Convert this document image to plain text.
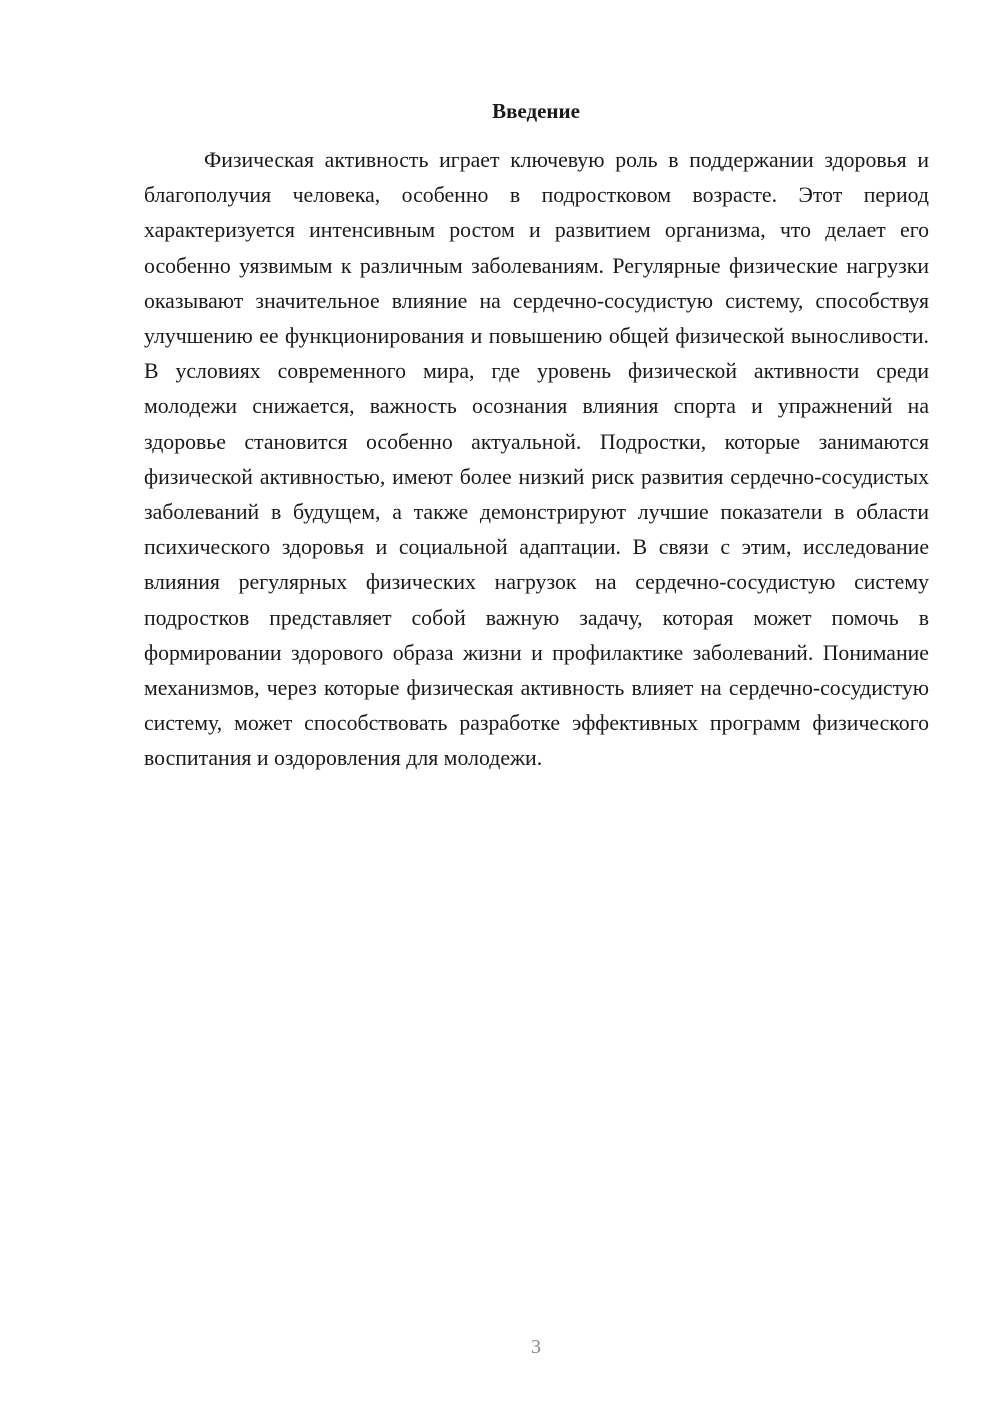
Введение

Физическая активность играет ключевую роль в поддержании здоровья и благополучия человека, особенно в подростковом возрасте. Этот период характеризуется интенсивным ростом и развитием организма, что делает его особенно уязвимым к различным заболеваниям. Регулярные физические нагрузки оказывают значительное влияние на сердечно-сосудистую систему, способствуя улучшению ее функционирования и повышению общей физической выносливости. В условиях современного мира, где уровень физической активности среди молодежи снижается, важность осознания влияния спорта и упражнений на здоровье становится особенно актуальной. Подростки, которые занимаются физической активностью, имеют более низкий риск развития сердечно-сосудистых заболеваний в будущем, а также демонстрируют лучшие показатели в области психического здоровья и социальной адаптации. В связи с этим, исследование влияния регулярных физических нагрузок на сердечно-сосудистую систему подростков представляет собой важную задачу, которая может помочь в формировании здорового образа жизни и профилактике заболеваний. Понимание механизмов, через которые физическая активность влияет на сердечно-сосудистую систему, может способствовать разработке эффективных программ физического воспитания и оздоровления для молодежи.

3
